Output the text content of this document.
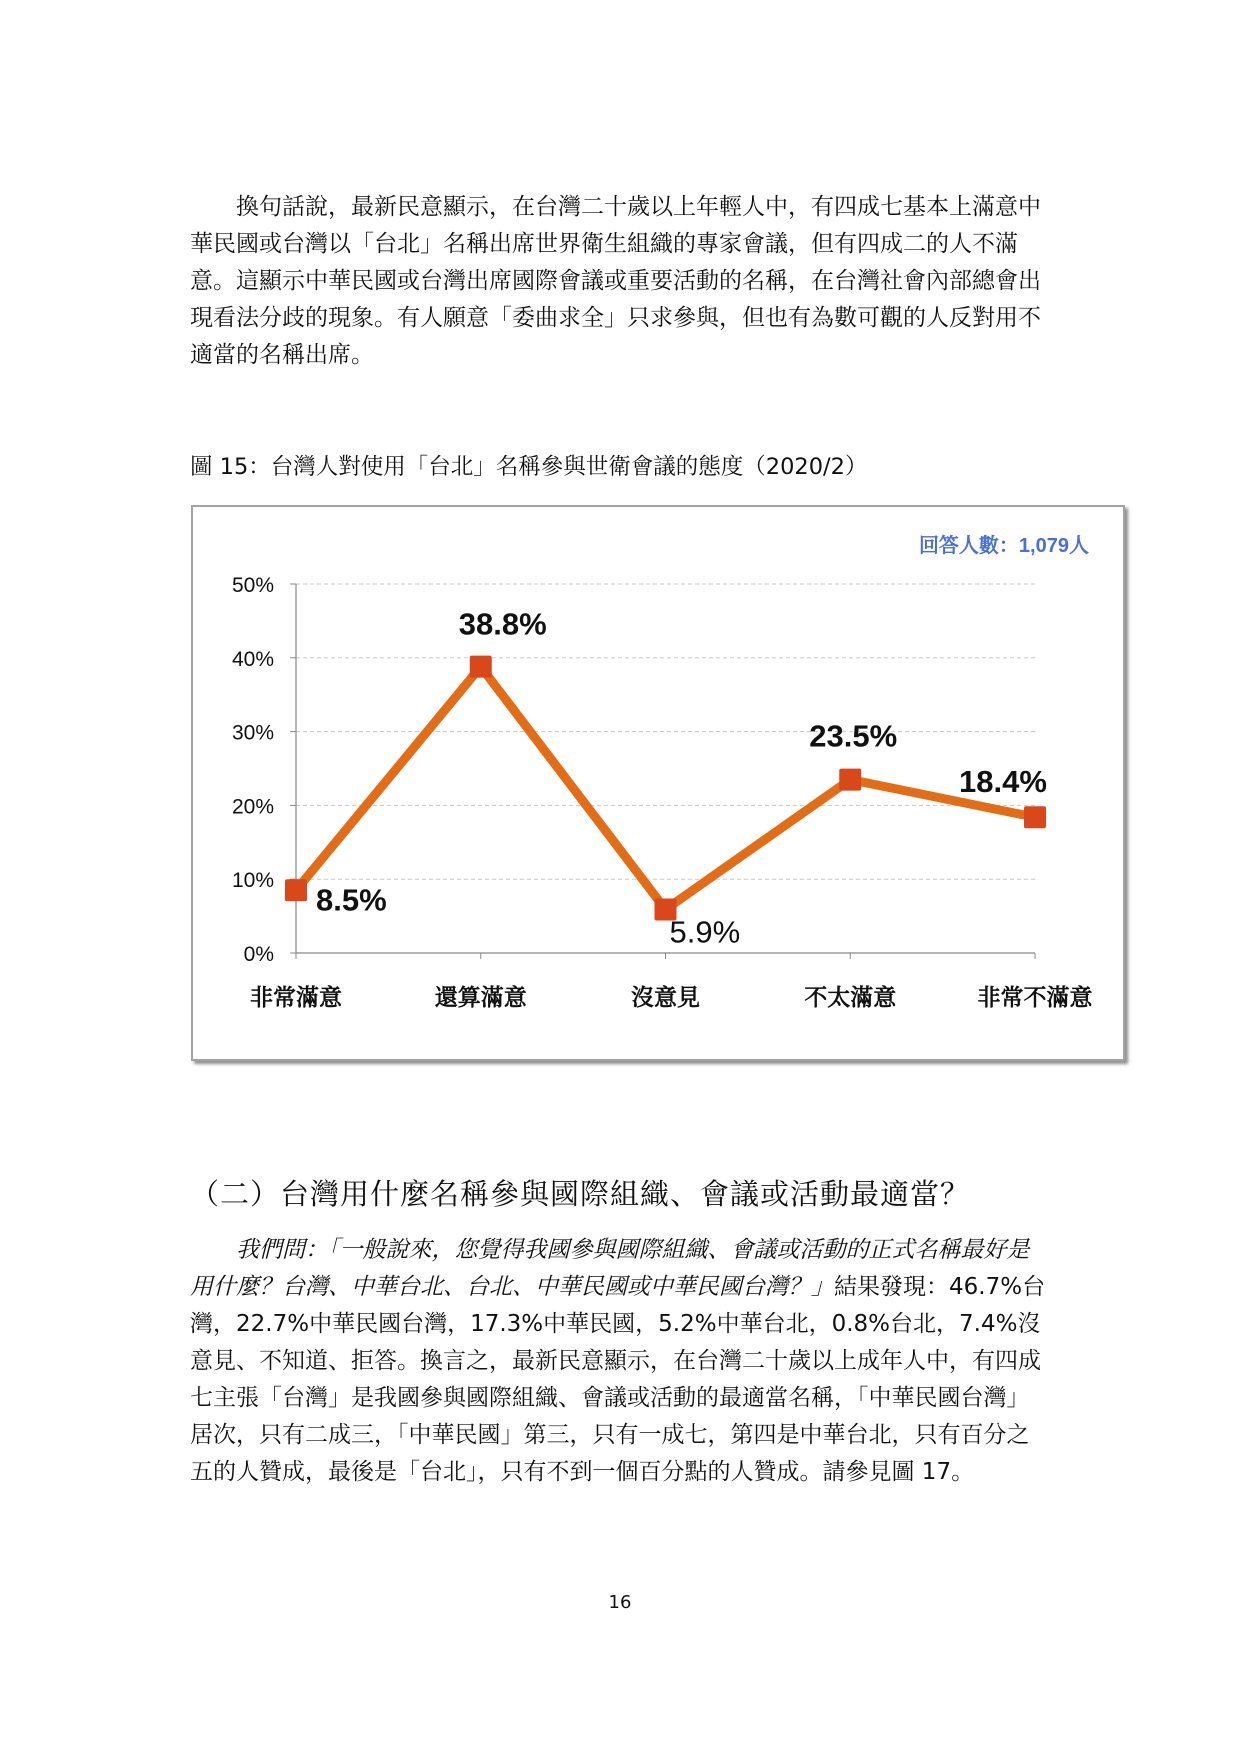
換句話說，最新民意顯示，在台灣二十歲以上年輕人中，有四成七基本上滿意中華民國或台灣以「台北」名稱出席世界衛生組織的專家會議，但有四成二的人不滿意。這顯示中華民國或台灣出席國際會議或重要活動的名稱，在台灣社會內部總會出現看法分歧的現象。有人願意「委曲求全」只求參與，但也有為數可觀的人反對用不適當的名稱出席。

圖 15：台灣人對使用「台北」名稱參與世衛會議的態度（2020/2）
回答人數：1,079人
0%
10%
20%
30%
40%
50%
非常滿意	還算滿意	沒意見	不太滿意	非常不滿意
8.5%
38.8%
5.9%
23.5%
18.4%
（二）台灣用什麼名稱參與國際組織、會議或活動最適當？

我們問：「一般說來，您覺得我國參與國際組織、會議或活動的正式名稱最好是用什麼？台灣、中華台北、台北、中華民國或中華民國台灣？」結果發現：46.7%台灣，22.7%中華民國台灣，17.3%中華民國，5.2%中華台北，0.8%台北，7.4%沒意見、不知道、拒答。換言之，最新民意顯示，在台灣二十歲以上成年人中，有四成七主張「台灣」是我國參與國際組織、會議或活動的最適當名稱，「中華民國台灣」居次，只有二成三，「中華民國」第三，只有一成七，第四是中華台北，只有百分之五的人贊成，最後是「台北」，只有不到一個百分點的人贊成。請參見圖 17。

16
